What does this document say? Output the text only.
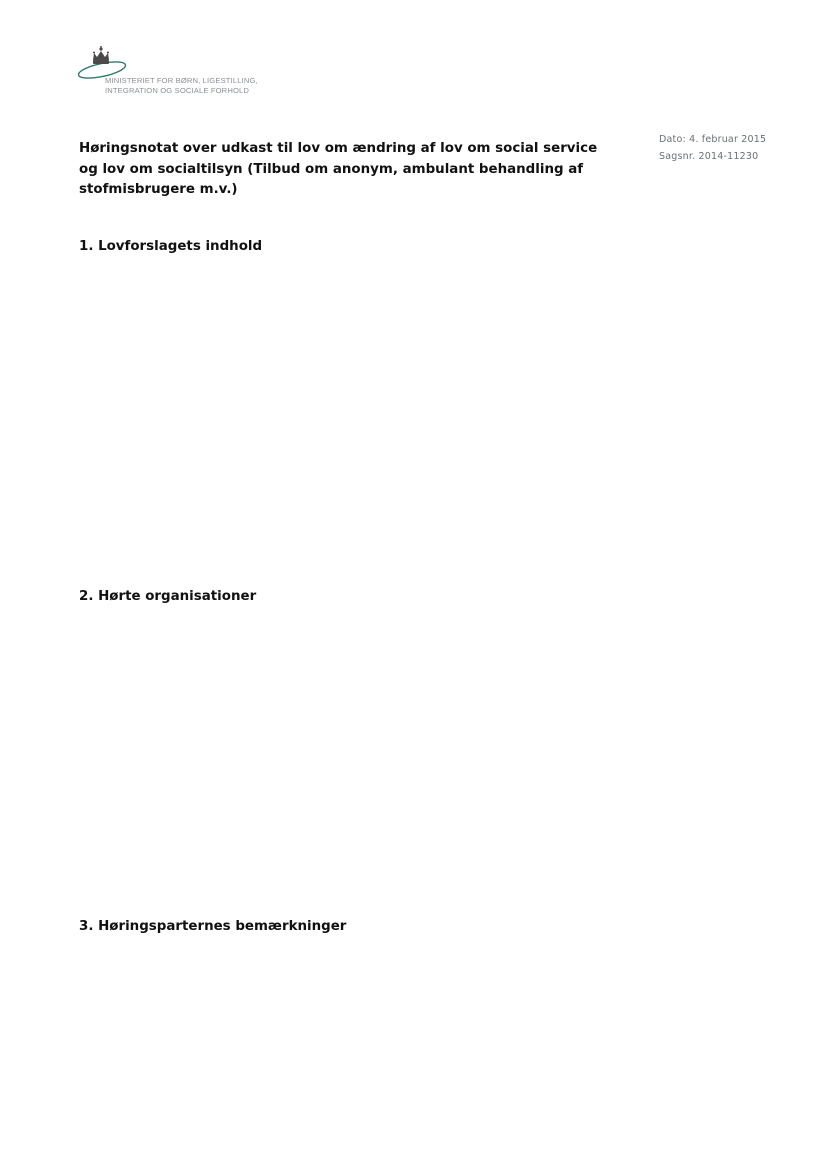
MINISTERIET FOR BØRN, LIGESTILLING,
INTEGRATION OG SOCIALE FORHOLD
Dato: 4. februar 2015
Sagsnr. 2014-11230
Høringsnotat over udkast til lov om ændring af lov om social service og lov om socialtilsyn (Tilbud om anonym, ambulant behandling af stofmisbrugere m.v.)
1. Lovforslagets indhold
2. Hørte organisationer
3. Høringsparternes bemærkninger
